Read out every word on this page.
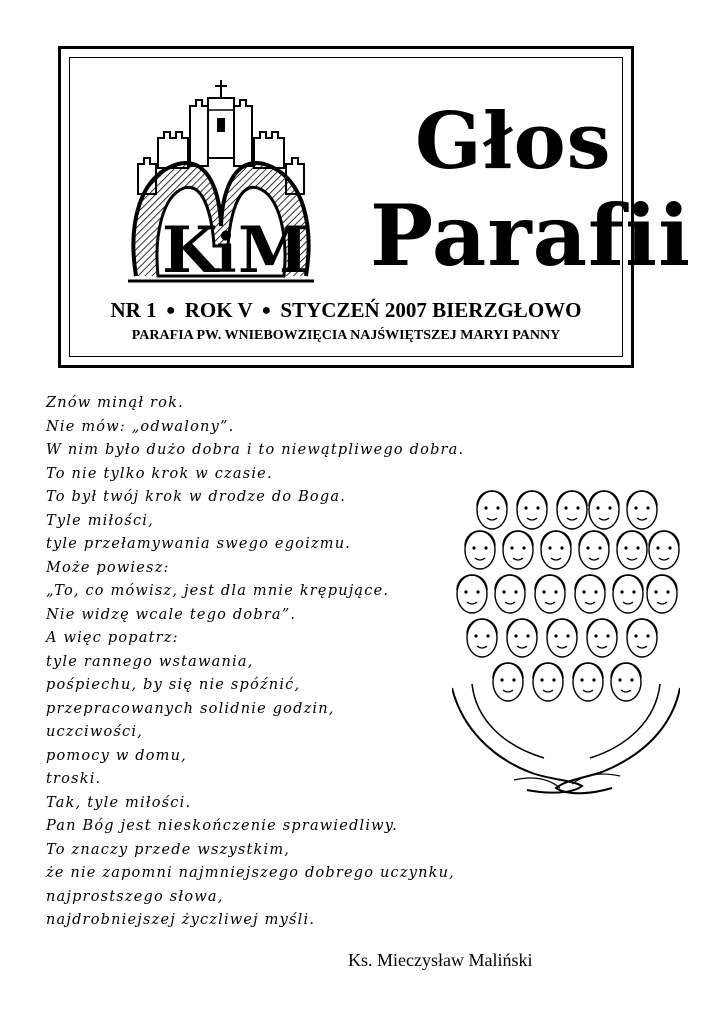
K
i M
Głos
Parafii
NR 1 ● ROK V ● STYCZEŃ 2007 BIERZGŁOWO
PARAFIA PW. WNIEBOWZIĘCIA NAJŚWIĘTSZEJ MARYI PANNY
Znów minął rok.
Nie mów: „odwalony”.
W nim było dużo dobra i to niewątpliwego dobra.
To nie tylko krok w czasie.
To był twój krok w drodze do Boga.
Tyle miłości,
tyle przełamywania swego egoizmu.
Może powiesz:
„To, co mówisz, jest dla mnie krępujące.
Nie widzę wcale tego dobra”.
A więc popatrz:
tyle rannego wstawania,
pośpiechu, by się nie spóźnić,
przepracowanych solidnie godzin,
uczciwości,
pomocy w domu,
troski.
Tak, tyle miłości.
Pan Bóg jest nieskończenie sprawiedliwy.
To znaczy przede wszystkim,
że nie zapomni najmniejszego dobrego uczynku,
najprostszego słowa,
najdrobniejszej życzliwej myśli.
Ks. Mieczysław Maliński
